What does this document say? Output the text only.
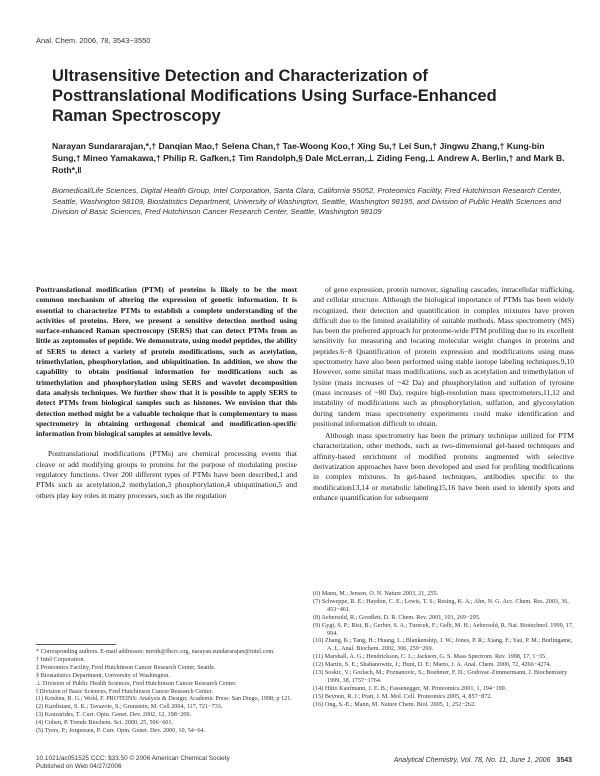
Anal. Chem. 2006, 78, 3543−3550
Ultrasensitive Detection and Characterization of Posttranslational Modifications Using Surface-Enhanced Raman Spectroscopy
Narayan Sundararajan,*,† Danqian Mao,† Selena Chan,† Tae-Woong Koo,† Xing Su,† Lei Sun,† Jingwu Zhang,† Kung-bin Sung,† Mineo Yamakawa,† Philip R. Gafken,‡ Tim Randolph,§ Dale McLerran,⊥ Ziding Feng,⊥ Andrew A. Berlin,† and Mark B. Roth*,‖
Biomedical/Life Sciences, Digital Health Group, Intel Corporation, Santa Clara, California 95052, Proteomics Facility, Fred Hutchinson Research Center, Seattle, Washington 98109, Biostatistics Department, University of Washington, Seattle, Washington 98195, and Division of Public Health Sciences and Division of Basic Sciences, Fred Hutchinson Cancer Research Center, Seattle, Washington 98109

Posttranslational modification (PTM) of proteins is likely to be the most common mechanism of altering the expression of genetic information. It is essential to characterize PTMs to establish a complete understanding of the activities of proteins. Here, we present a sensitive detection method using surface-enhanced Raman spectroscopy (SERS) that can detect PTMs from as little as zeptomoles of peptide. We demonstrate, using model peptides, the ability of SERS to detect a variety of protein modifications, such as acetylation, trimethylation, phosphorylation, and ubiquitination. In addition, we show the capability to obtain positional information for modifications such as trimethylation and phosphorylation using SERS and wavelet decomposition data analysis techniques. We further show that it is possible to apply SERS to detect PTMs from biological samples such as histones. We envision that this detection method might be a valuable technique that is complementary to mass spectrometry in obtaining orthogonal chemical and modification-specific information from biological samples at sensitive levels.

Posttranslational modifications (PTMs) are chemical processing events that cleave or add modifying groups to proteins for the purpose of modulating precise regulatory functions. Over 200 different types of PTMs have been described,1 and PTMs such as acetylation,2 methylation,3 phosphorylation,4 ubiquitination,5 and others play key roles in many processes, such as the regulation

of gene expression, protein turnover, signaling cascades, intracellular trafficking, and cellular structure. Although the biological importance of PTMs has been widely recognized, their detection and quantification in complex mixtures have proven difficult due to the limited availability of suitable methods. Mass spectrometry (MS) has been the preferred approach for proteome-wide PTM profiling due to its excellent sensitivity for measuring and locating molecular weight changes in proteins and peptides.6−8 Quantification of protein expression and modifications using mass spectrometry have also been performed using stable isotope labeling techniques.9,10 However, some similar mass modifications, such as acetylation and trimethylation of lysine (mass increases of ~42 Da) and phosphorylation and sulfation of tyrosine (mass increases of ~80 Da), require high-resolution mass spectrometers,11,12 and instability of modifications such as phosphorylation, sulfation, and glycosylation during tandem mass spectrometry experiments could make identification and positional information difficult to obtain.

Although mass spectrometry has been the primary technique utilized for PTM characterization, other methods, such as two-dimensional gel-based techniques and affinity-based enrichment of modified proteins augmented with selective derivatization approaches have been developed and used for profiling modifications in complex mixtures. In gel-based techniques, antibodies specific to the modification13,14 or metabolic labeling15,16 have been used to identify spots and enhance quantification for subsequent

* Corresponding authors. E-mail addresses: mroth@fhcrc.org, narayan.sundararajan@intel.com.

† Intel Corporation.

‡ Proteomics Facility, Fred Hutchinson Cancer Research Center, Seattle.

§ Biostatistics Department, University of Washington.

⊥ Division of Public Health Sciences, Fred Hutchinson Cancer Research Center.

‖ Division of Basic Sciences, Fred Hutchinson Cancer Research Center.

(1) Krishna, R. G.; Wold, F. PROTEINS: Analysis & Design; Academic Press: San Diego, 1998; p 121.

(2) Kurdistani, S. K.; Tavazoie, S.; Grunstein, M. Cell 2004, 117, 721−733.

(3) Kouzarides, T. Curr. Opin. Genet. Dev. 2002, 12, 198−209.

(4) Cohen, P. Trends Biochem. Sci. 2000, 25, 596−601.

(5) Tyers, P.; Jorgensen, P. Curr. Opin. Genet. Dev. 2000, 10, 54−64.

(6) Mann, M.; Jensen, O. N. Nature 2003, 21, 255.

(7) Schweppe, R. E.; Haydon, C. E.; Lewis, T. S.; Resing, K. A.; Ahn, N. G. Acc. Chem. Res. 2003, 36, 453−461.

(8) Aebersold, R.; Goodlett, D. R. Chem. Rev. 2001, 101, 269−295.

(9) Gygi, S. P.; Rist, B.; Gerber, S. A.; Turecek, F.; Gelb, M. H.; Aebersold, R. Nat. Biotechnol. 1999, 17, 994.

(10) Zhang, K.; Tang, H.; Huang, L.; Blankenship, J. W.; Jones, P. R.; Xiang, F.; Yau, P. M.; Burlingame, A. L. Anal. Biochem. 2002, 306, 259−269.

(11) Marshall, A. G.; Hendrickson, C. L.; Jackson, G. S. Mass Spectrom. Rev. 1998, 17, 1−35.

(12) Martin, S. E.; Shabanowitz, J.; Hunt, D. F.; Marto, J. A. Anal. Chem. 2000, 72, 4266−4274.

(13) Soskic, V.; Gorlach, M.; Poznanovic, S.; Boehmer, F. D.; Godovac-Zimmermann, J. Biochemistry 1999, 38, 1757−1764.

(14) Hiito Kaufmann, J. E. B.; Fassenegger, M. Proteomics 2001, 1, 194−199.

(15) Beynon, R. J.; Pratt, J. M. Mol. Cell. Proteomics 2005, 4, 857−872.

(16) Ong, S.-E.; Mann, M. Nature Chem. Biol. 2005, 1, 252−262.

10.1021/ac051525 CCC: $33.50 © 2006 American Chemical Society
Published on Web 04/27/2006
Analytical Chemistry, Vol. 78, No. 11, June 1, 2006 3543
